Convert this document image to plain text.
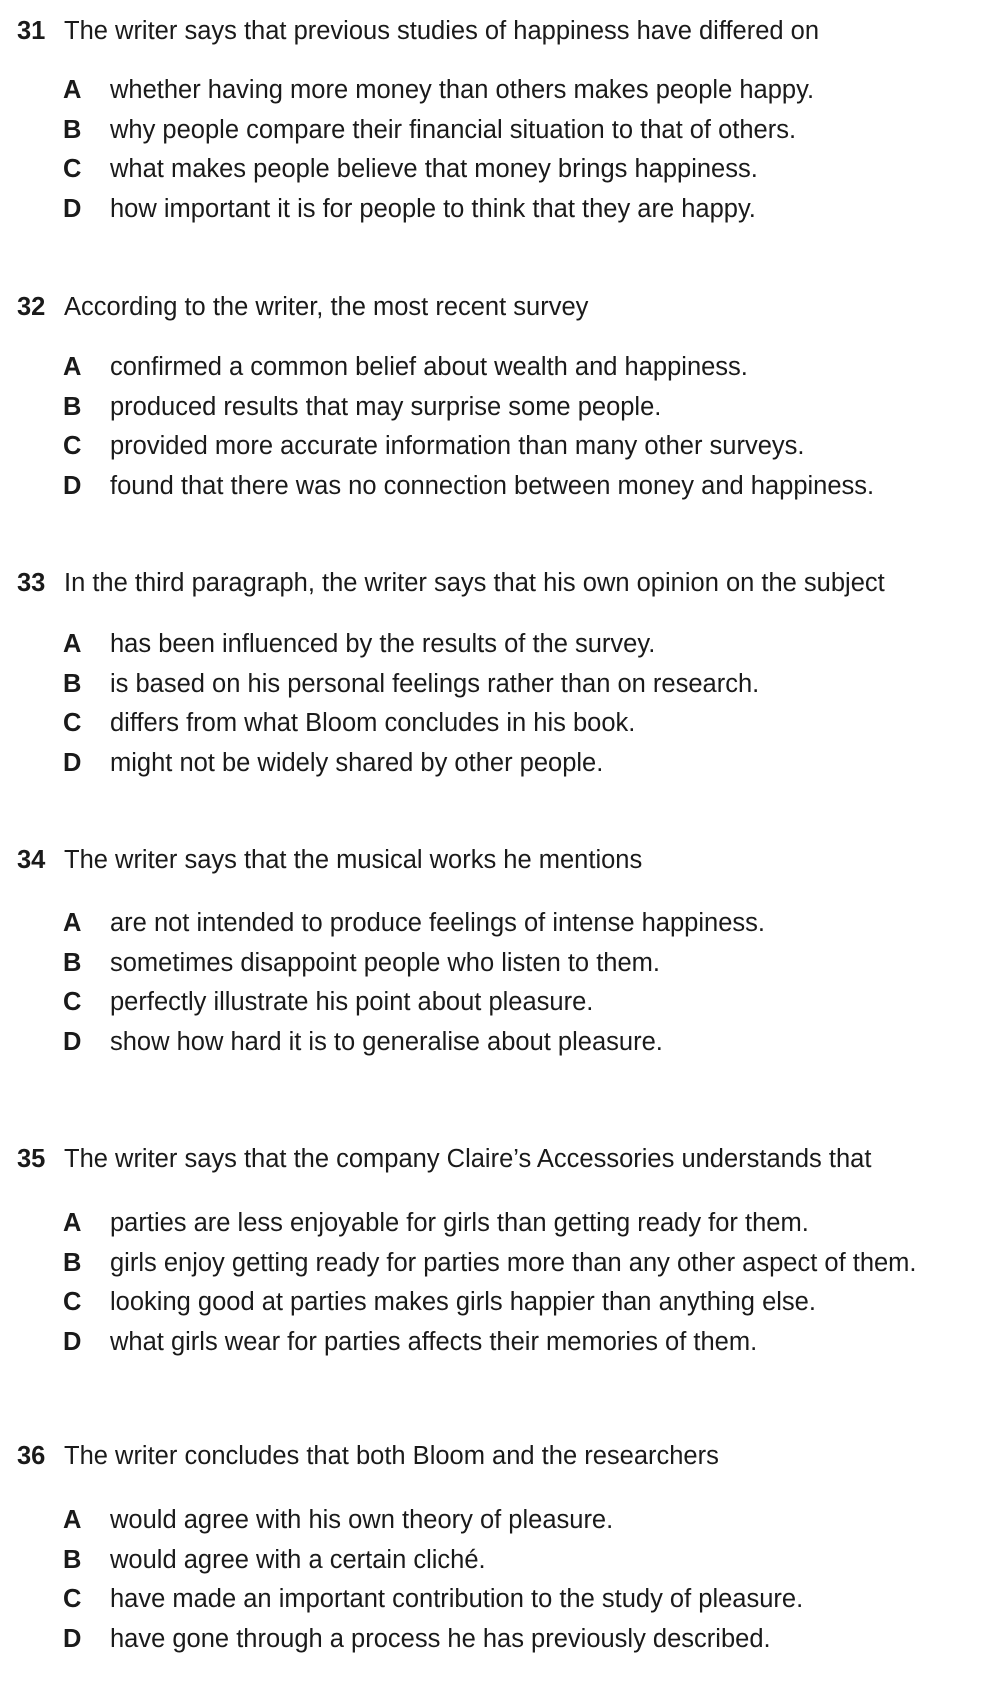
31 The writer says that previous studies of happiness have differed on
A whether having more money than others makes people happy.
B why people compare their financial situation to that of others.
C what makes people believe that money brings happiness.
D how important it is for people to think that they are happy.
32 According to the writer, the most recent survey
A confirmed a common belief about wealth and happiness.
B produced results that may surprise some people.
C provided more accurate information than many other surveys.
D found that there was no connection between money and happiness.
33 In the third paragraph, the writer says that his own opinion on the subject
A has been influenced by the results of the survey.
B is based on his personal feelings rather than on research.
C differs from what Bloom concludes in his book.
D might not be widely shared by other people.
34 The writer says that the musical works he mentions
A are not intended to produce feelings of intense happiness.
B sometimes disappoint people who listen to them.
C perfectly illustrate his point about pleasure.
D show how hard it is to generalise about pleasure.
35 The writer says that the company Claire’s Accessories understands that
A parties are less enjoyable for girls than getting ready for them.
B girls enjoy getting ready for parties more than any other aspect of them.
C looking good at parties makes girls happier than anything else.
D what girls wear for parties affects their memories of them.
36 The writer concludes that both Bloom and the researchers
A would agree with his own theory of pleasure.
B would agree with a certain cliché.
C have made an important contribution to the study of pleasure.
D have gone through a process he has previously described.
